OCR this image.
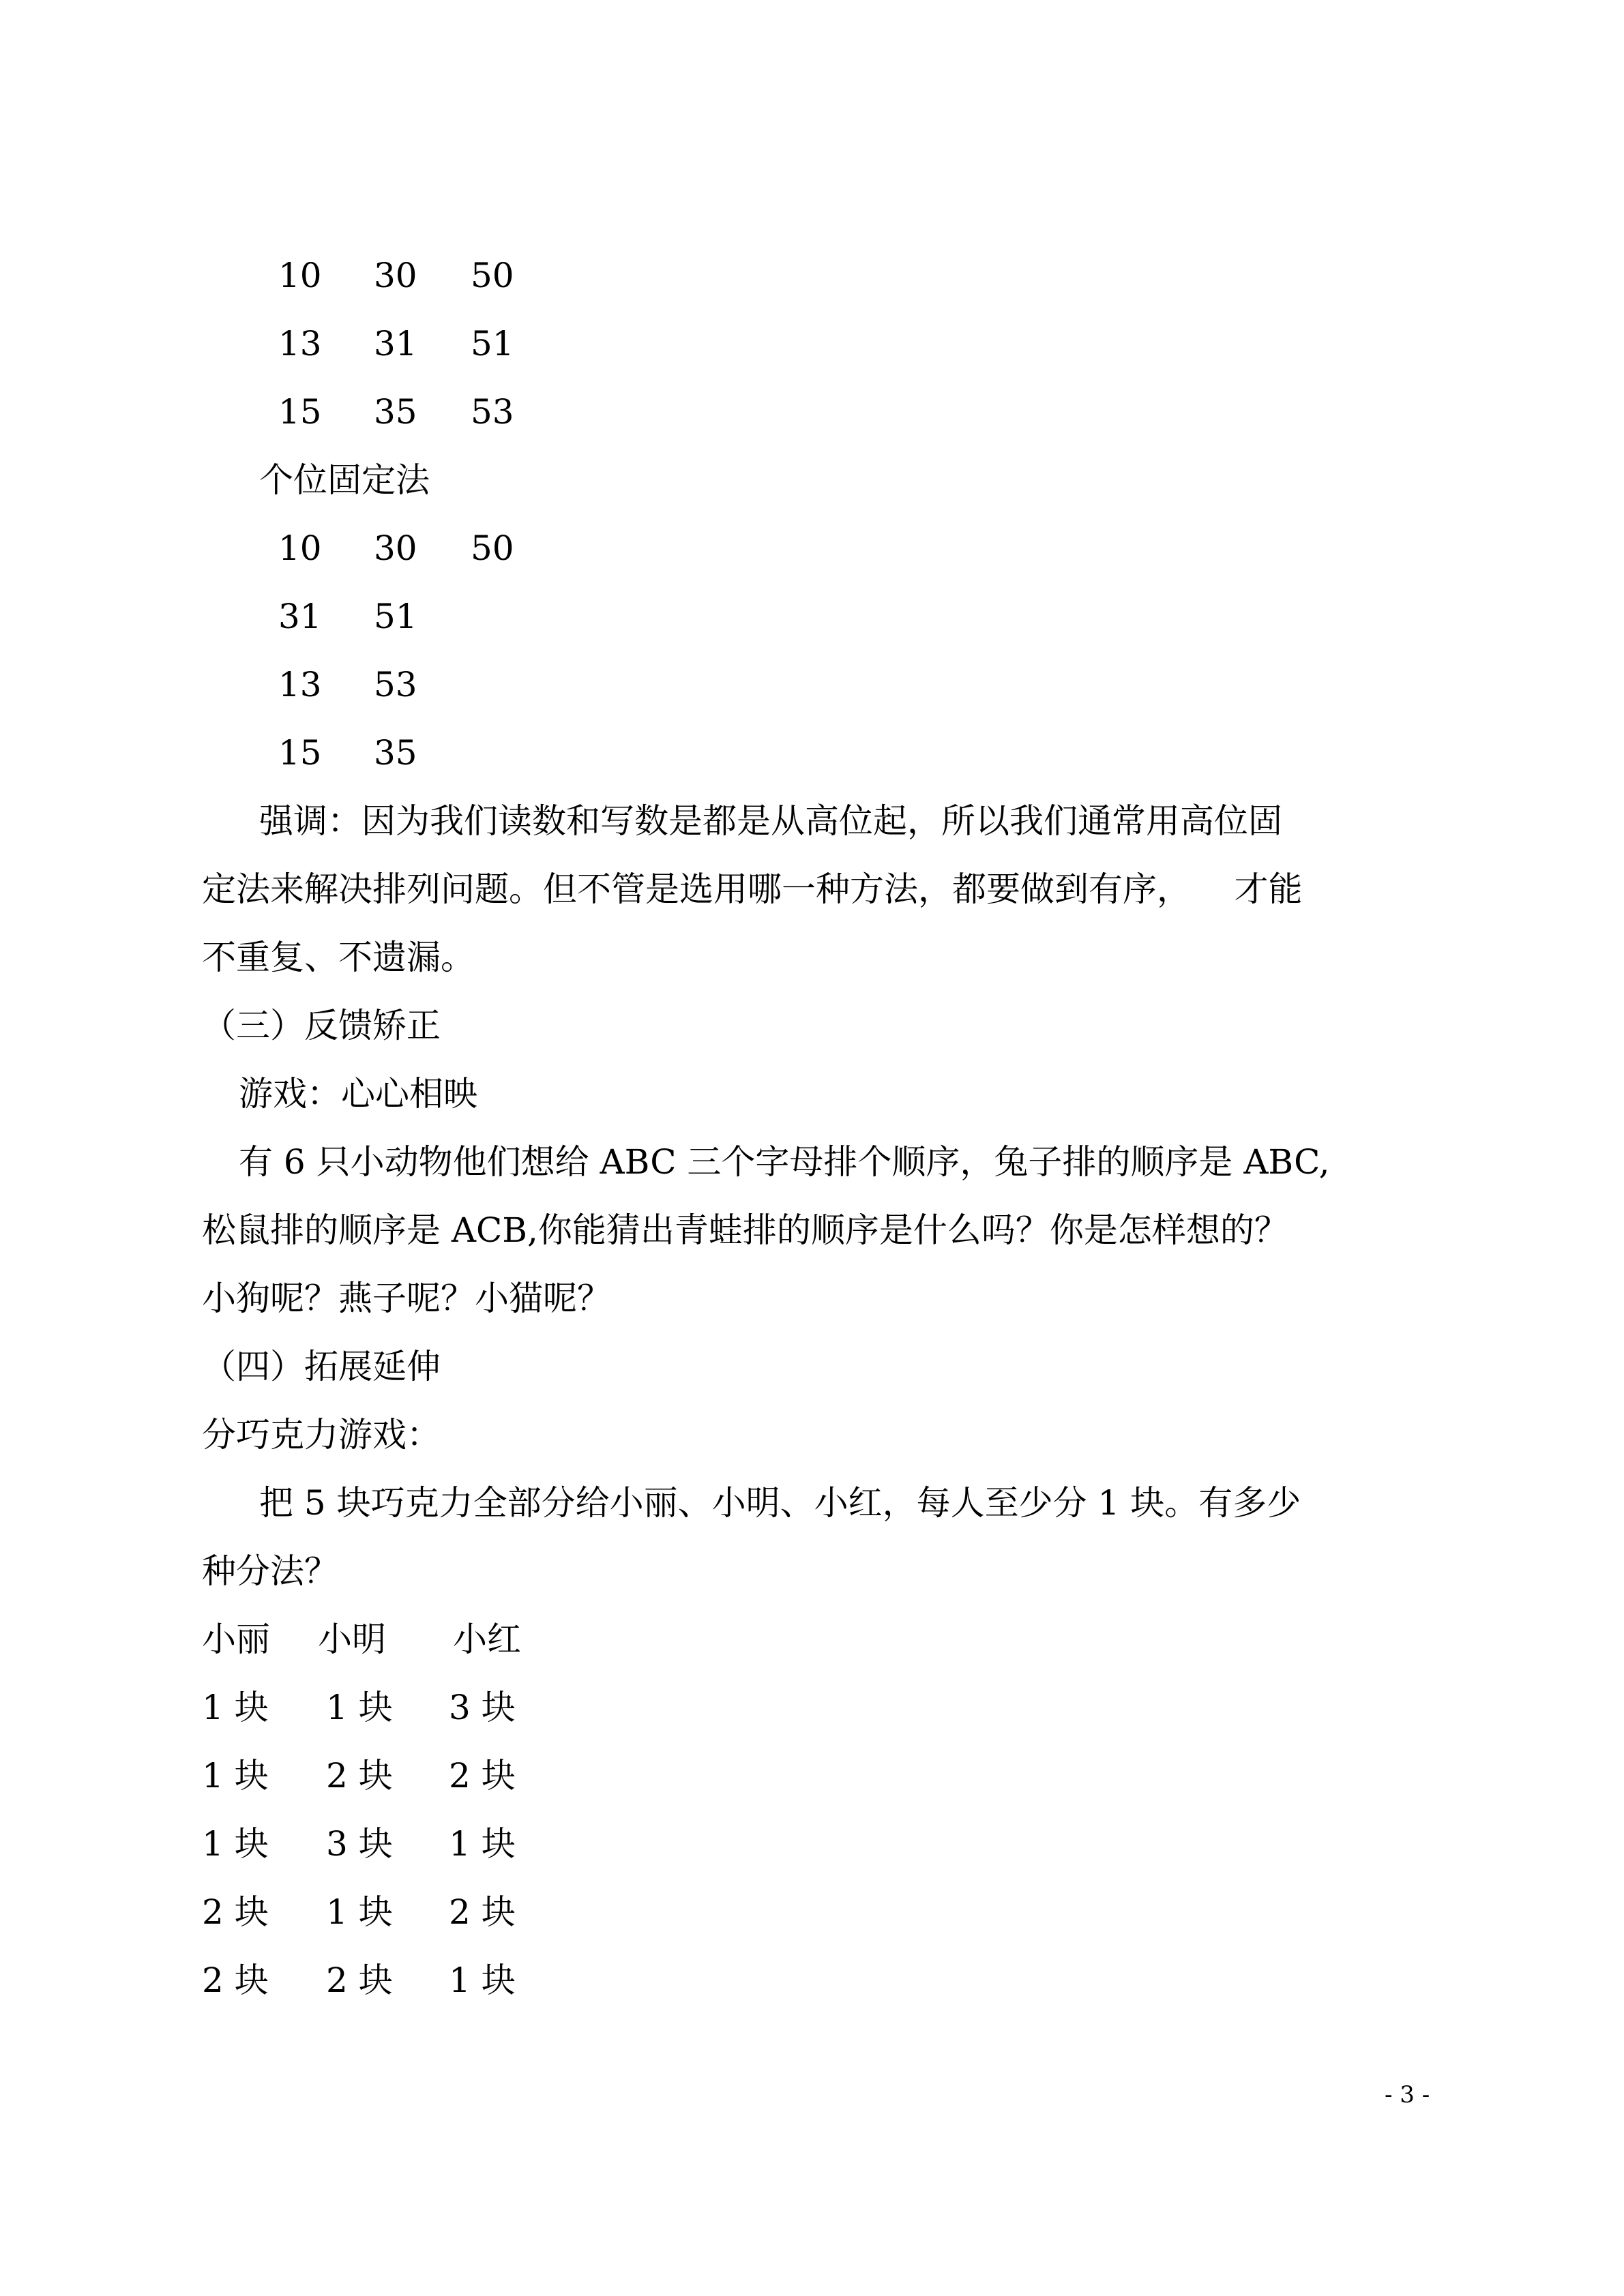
10 30 50
13 31 51
15 35 53
个位固定法
10 30 50
31 51
13 53
15 35
强调：因为我们读数和写数是都是从高位起，所以我们通常用高位固
定法来解决排列问题。但不管是选用哪一种方法，都要做到有序，    才能
不重复、不遗漏。
（三）反馈矫正
游戏：心心相映
有 6 只小动物他们想给 ABC 三个字母排个顺序，兔子排的顺序是 ABC,
松鼠排的顺序是 ACB,你能猜出青蛙排的顺序是什么吗？你是怎样想的？
小狗呢？燕子呢？小猫呢？
（四）拓展延伸
分巧克力游戏：
把 5 块巧克力全部分给小丽、小明、小红，每人至少分 1 块。有多少
种分法？
小丽 小明 小红
1 块 1 块 3 块
1 块 2 块 2 块
1 块 3 块 1 块
2 块 1 块 2 块
2 块 2 块 1 块
- 3 -
